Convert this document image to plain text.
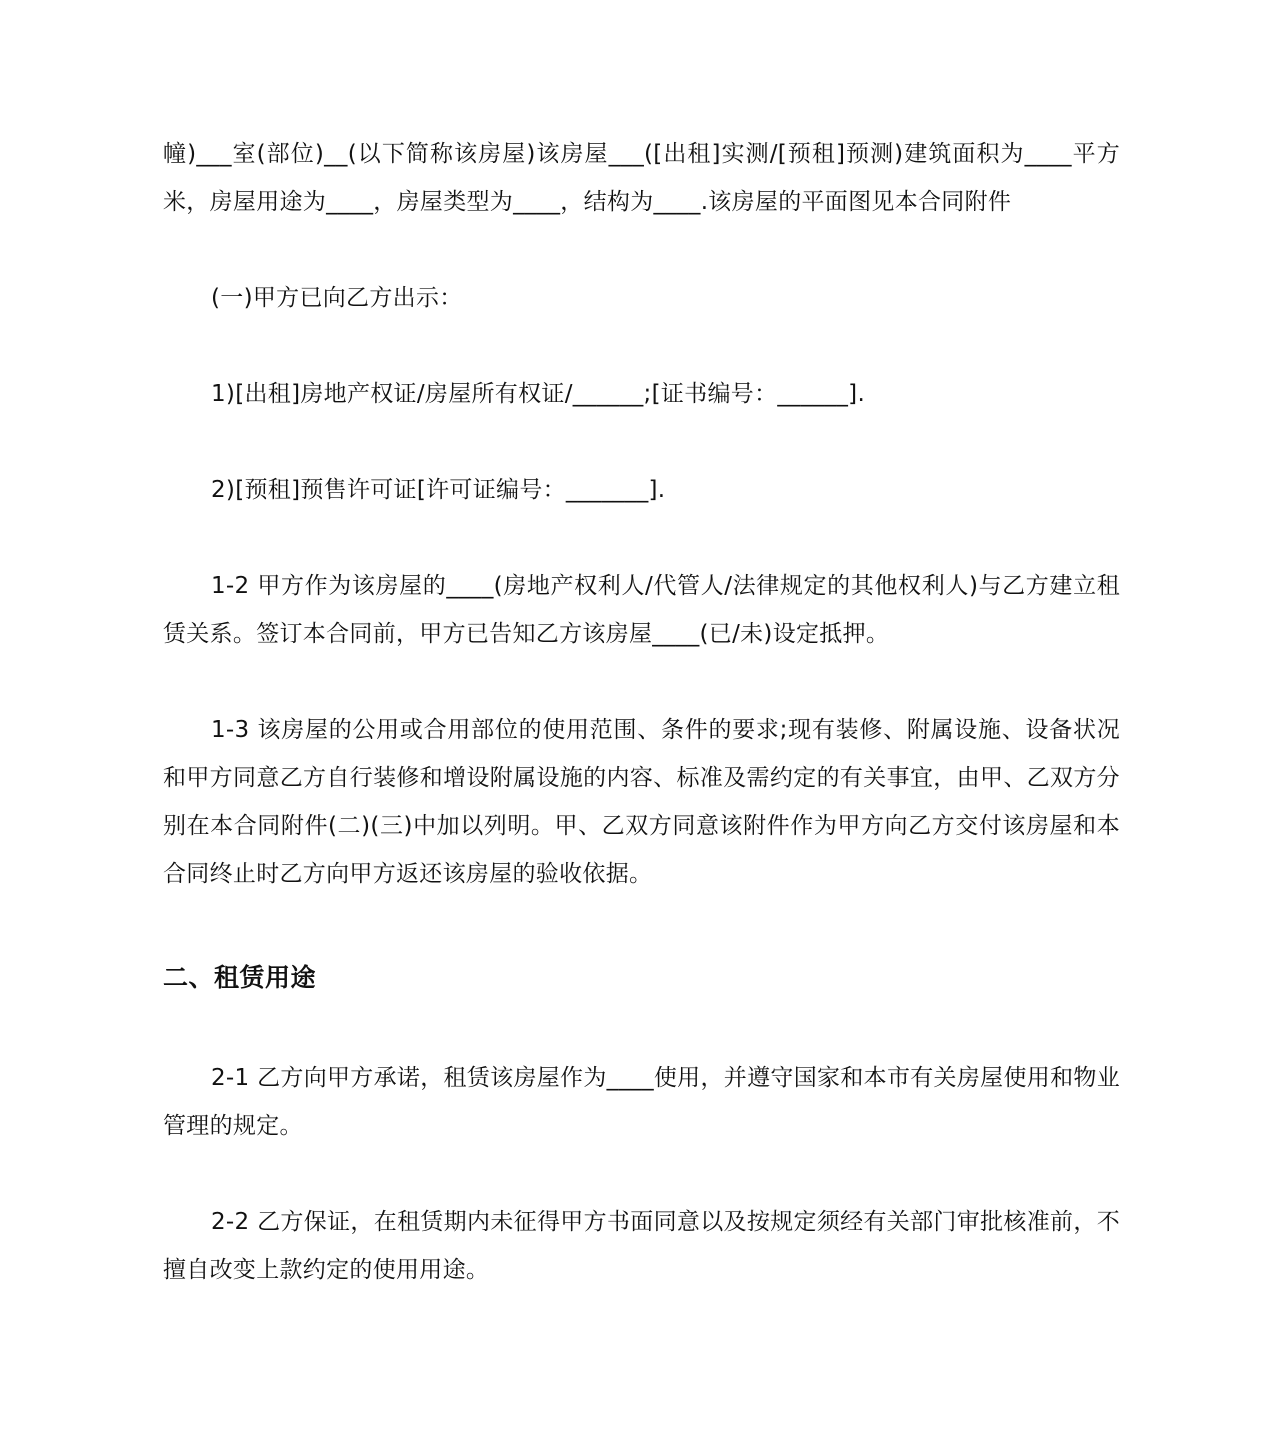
幢)___室(部位)__(以下简称该房屋)该房屋___([出租]实测/[预租]预测)建筑面积为____平方米，房屋用途为____，房屋类型为____，结构为____.该房屋的平面图见本合同附件

(一)甲方已向乙方出示：

1)[出租]房地产权证/房屋所有权证/______;[证书编号：______].

2)[预租]预售许可证[许可证编号：_______].

1-2 甲方作为该房屋的____(房地产权利人/代管人/法律规定的其他权利人)与乙方建立租赁关系。签订本合同前，甲方已告知乙方该房屋____(已/未)设定抵押。

1-3 该房屋的公用或合用部位的使用范围、条件的要求;现有装修、附属设施、设备状况和甲方同意乙方自行装修和增设附属设施的内容、标准及需约定的有关事宜，由甲、乙双方分别在本合同附件(二)(三)中加以列明。甲、乙双方同意该附件作为甲方向乙方交付该房屋和本合同终止时乙方向甲方返还该房屋的验收依据。

二、租赁用途

2-1 乙方向甲方承诺，租赁该房屋作为____使用，并遵守国家和本市有关房屋使用和物业管理的规定。

2-2 乙方保证，在租赁期内未征得甲方书面同意以及按规定须经有关部门审批核准前，不擅自改变上款约定的使用用途。
